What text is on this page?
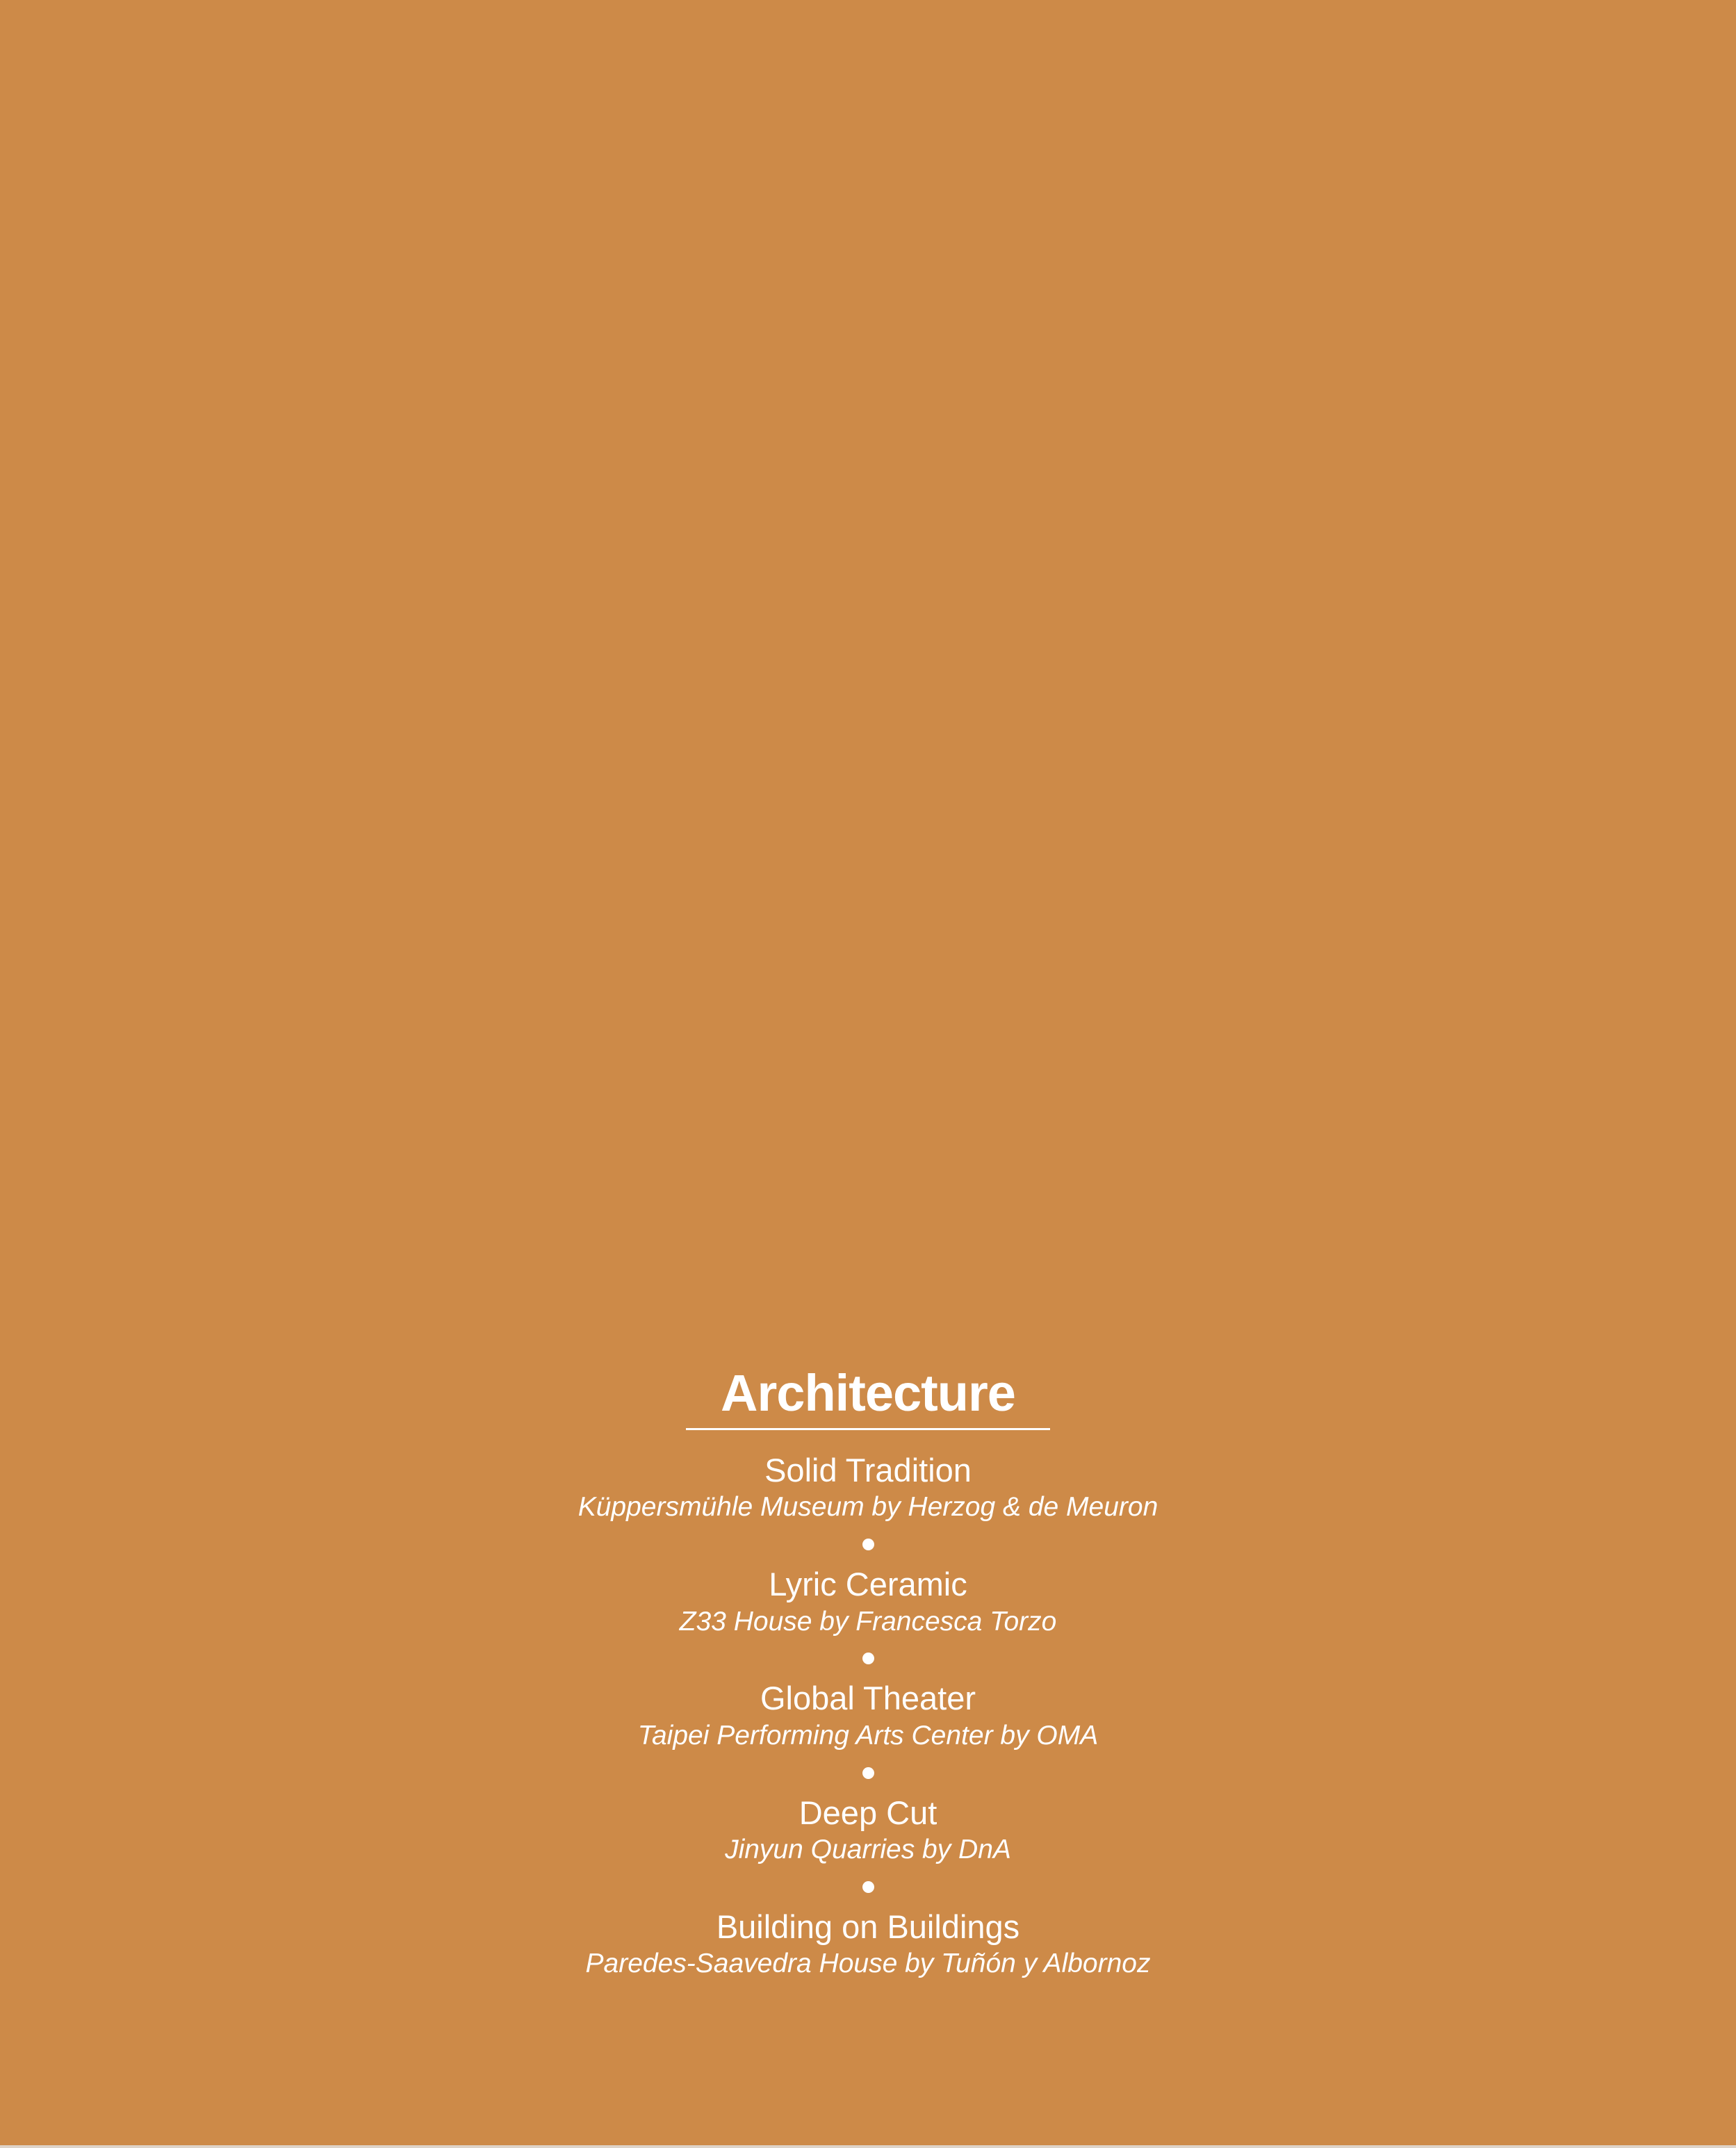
Architecture

Solid Tradition

Küppersmühle Museum by Herzog & de Meuron

Lyric Ceramic

Z33 House by Francesca Torzo

Global Theater

Taipei Performing Arts Center by OMA

Deep Cut

Jinyun Quarries by DnA

Building on Buildings

Paredes-Saavedra House by Tuñón y Albornoz
